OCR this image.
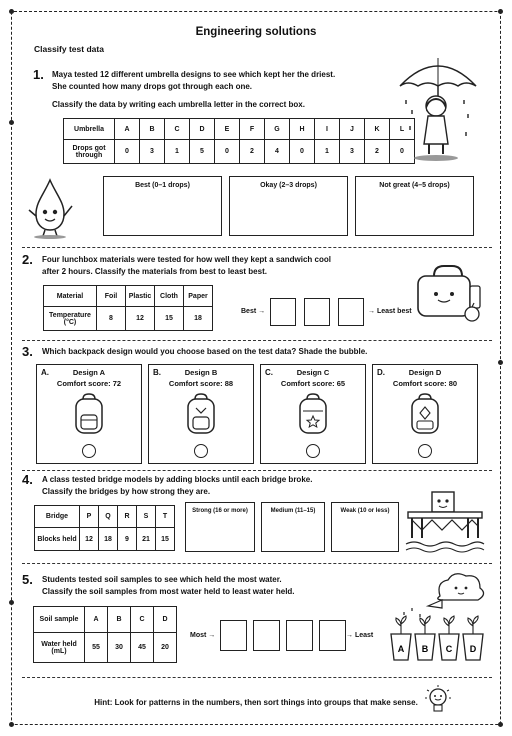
Engineering solutions
Classify test data
1. Maya tested 12 different umbrella designs to see which kept her the driest.
She counted how many drops got through each one.
Classify the data by writing each umbrella letter in the correct box.
Umbrella	A	B	C	D	E	F	G	H	I	J	K	L
Drops got through	0	3	1	5	0	2	4	0	1	3	2	0
Best (0–1 drops)	Okay (2–3 drops)	Not great (4–5 drops)
2. Four lunchbox materials were tested for how well they kept a sandwich cool
after 2 hours. Classify the materials from best to least best.
Material	Foil	Plastic	Cloth	Paper
Temperature (°C)	8	12	15	18
Best →	→ Least best
3. Which backpack design would you choose based on the test data? Shade the bubble.
A.	Design A
Comfort score: 72
B.	Design B
Comfort score: 88
C.	Design C
Comfort score: 65
D.	Design D
Comfort score: 80
4. A class tested bridge models by adding blocks until each bridge broke.
Classify the bridges by how strong they are.
Bridge	P	Q	R	S	T
Blocks held	12	18	9	21	15
Strong (16 or more)	Medium (11–15)	Weak (10 or less)
5. Students tested soil samples to see which held the most water.
Classify the soil samples from most water held to least water held.
Soil sample	A	B	C	D
Water held (mL)	55	30	45	20
Most →	→ Least
A B C D
Hint: Look for patterns in the numbers, then sort things into groups that make sense.
